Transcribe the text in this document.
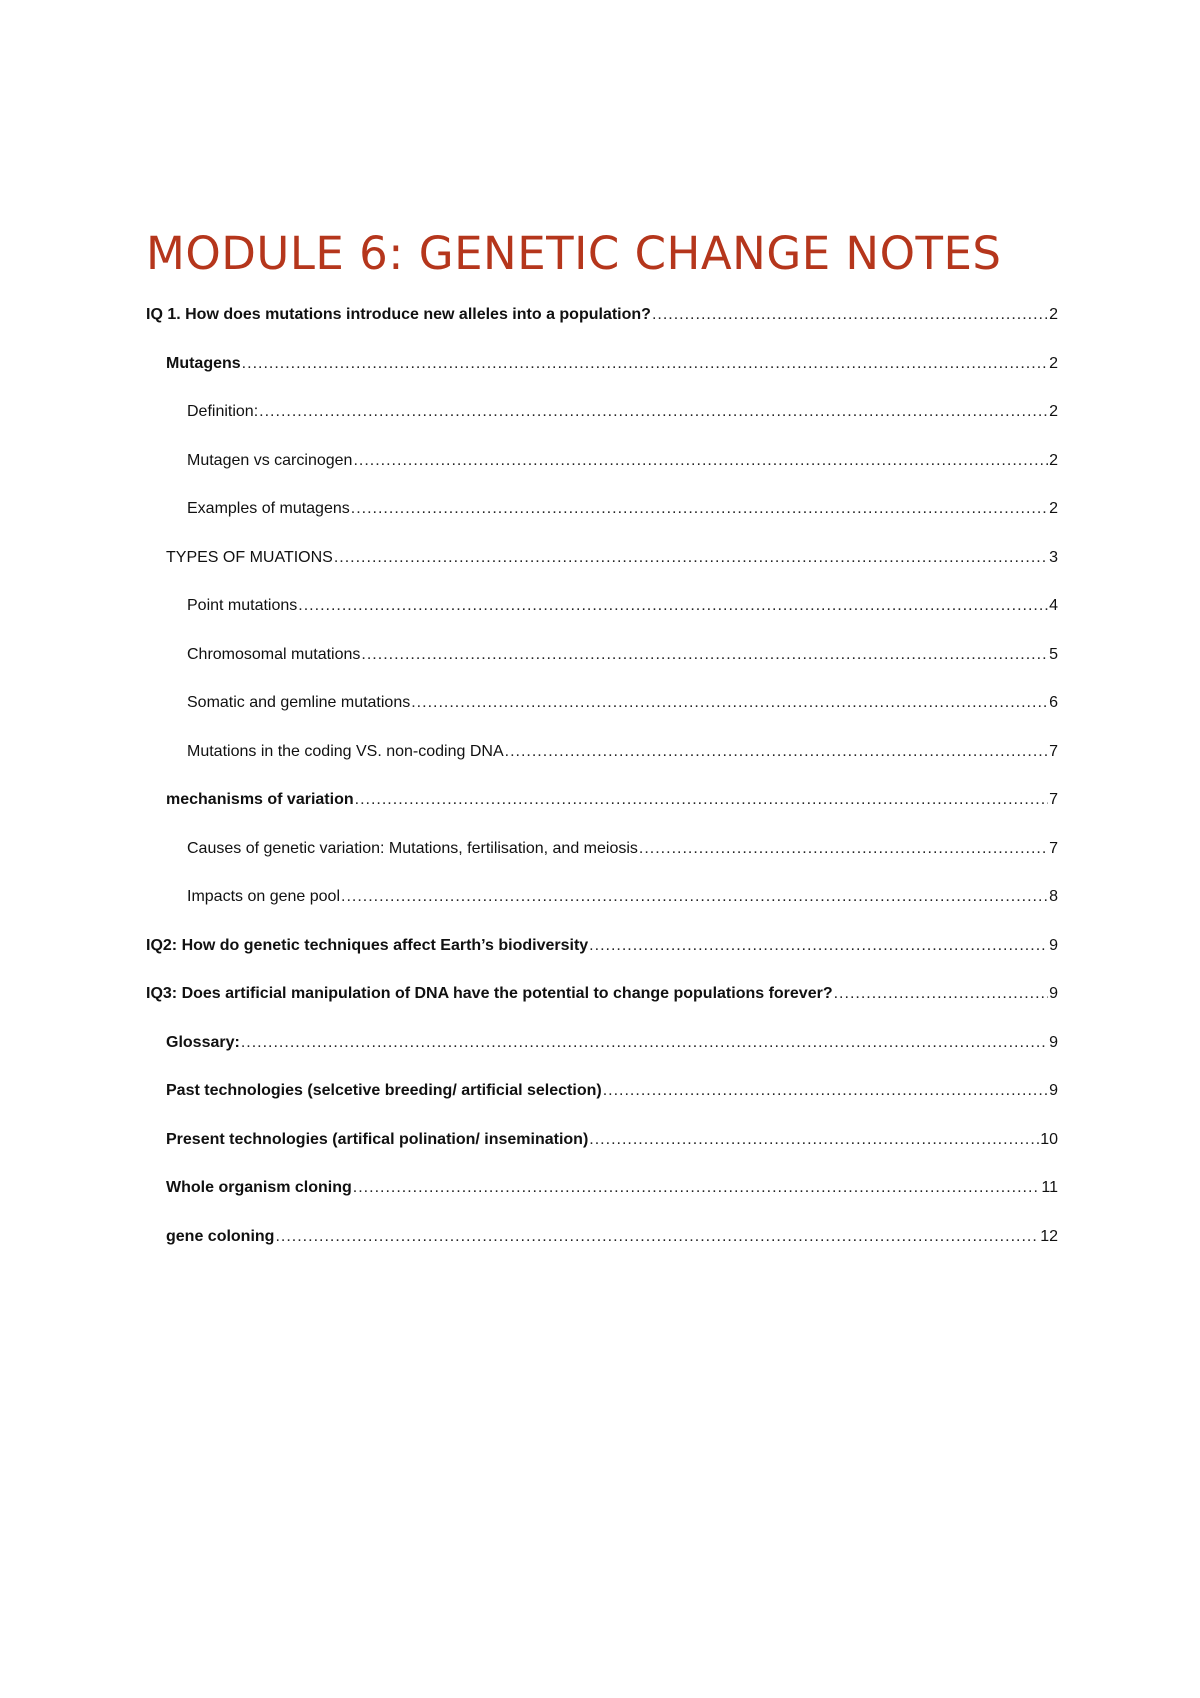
MODULE 6: GENETIC CHANGE NOTES
IQ 1. How does mutations introduce new alleles into a population? .....	2
Mutagens .....	2
Definition: .....	2
Mutagen vs carcinogen .....	2
Examples of mutagens .....	2
TYPES OF MUATIONS .....	3
Point mutations .....	4
Chromosomal mutations .....	5
Somatic and gemline mutations .....	6
Mutations in the coding VS. non-coding DNA .....	7
mechanisms of variation .....	7
Causes of genetic variation: Mutations, fertilisation, and meiosis .....	7
Impacts on gene pool .....	8
IQ2: How do genetic techniques affect Earth’s biodiversity .....	9
IQ3: Does artificial manipulation of DNA have the potential to change populations forever? .....	9
Glossary: .....	9
Past technologies (selcetive breeding/ artificial selection) .....	9
Present technologies (artifical polination/ insemination) .....	10
Whole organism cloning .....	11
gene coloning .....	12
